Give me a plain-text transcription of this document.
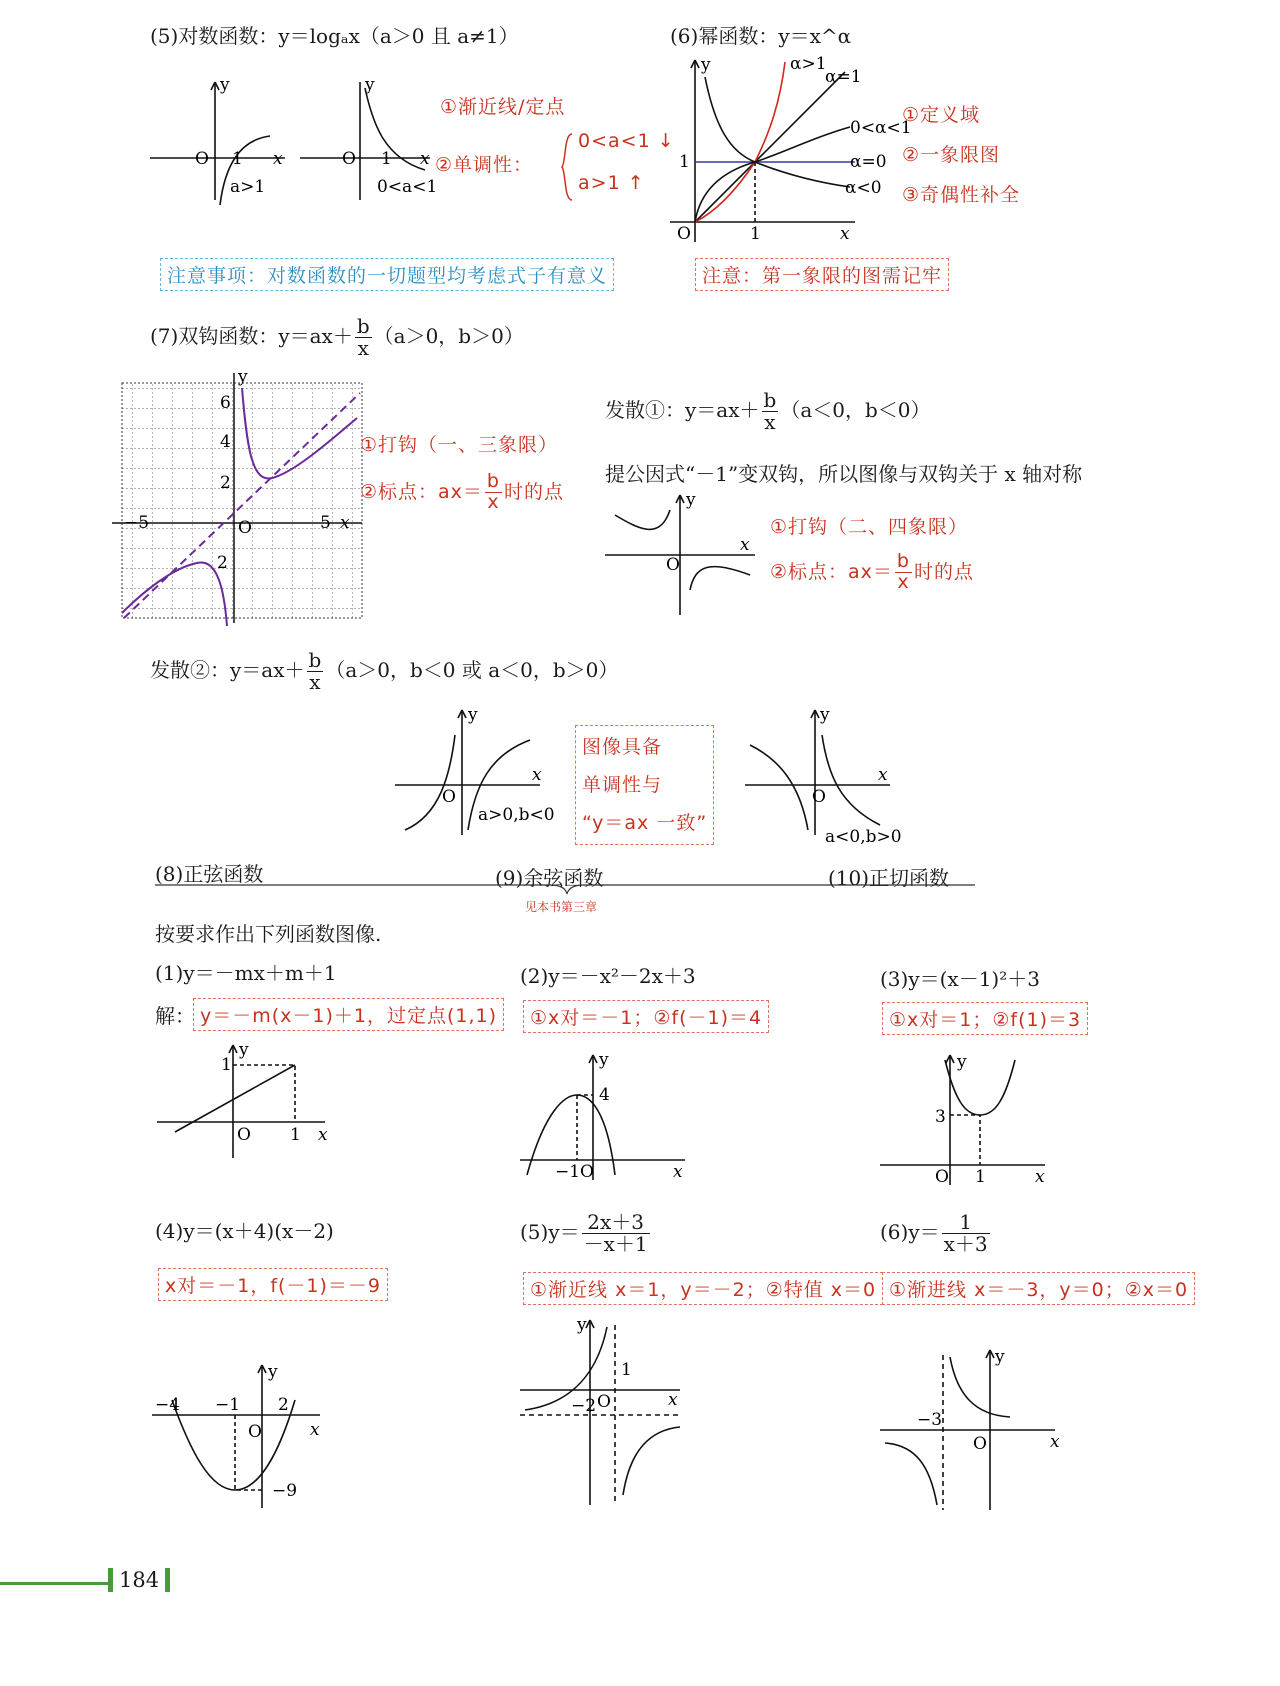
(5)对数函数：y＝logₐx（a＞0 且 a≠1）
y
O 1 x
a>1
y
O 1 x
0<a<1
①渐近线/定点
②单调性：
0<a<1 ↓
a>1 ↑
注意事项：对数函数的一切题型均考虑式子有意义
(6)幂函数：y＝x^α
y
1
O	1	x
α>1
α=1
0<α<1
α=0
α<0
①定义域
②一象限图
③奇偶性补全
注意：第一象限的图需记牢
(7)双钩函数：$y=ax+ \frac{b}{x} (a>0$，b＞0）
y
6
4
2
−5	O	5 x
2
①打钩（一、三象限）
②标点：$ax= \frac{b}{x}$ 时的点
发散①：$y=ax+ \frac{b}{x} (a<0$，b＜0）
提公因式“－1”变双钩，所以图像与双钩关于 x 轴对称
y
O
x
①打钩（二、四象限）
②标点：$ax= \frac{b}{x}$ 时的点
发散②：$y=ax+ \frac{b}{x} (a>0$，b＜0 或 a＜0，b＞0）
y
O
x
a>0,b<0
图像具备
单调性与
“y＝ax 一致”
y
O
x
a<0,b>0
(8)正弦函数	(9)余弦函数	(10)正切函数
见本书第三章
按要求作出下列函数图像.
(1)y＝－mx＋m＋1
解： y＝－m(x－1)＋1，过定点(1,1)
(2)y＝－x²－2x＋3
①x对＝－1；②f(－1)＝4
(3)y＝(x－1)²＋3
①x对＝1；②f(1)＝3
y
1
O 1 x
y
4
−1 O	x
y
3
O 1	x
(4)y＝(x＋4)(x－2)
x对＝－1，f(－1)＝－9
$(5)y= \frac{2x+3}{-x+1}$
①渐近线 x＝1，y＝－2；②特值 x＝0
$(6)y= \frac{1}{x+3}$
①渐进线 x＝－3，y＝0；②x＝0
y
−4 −1 2
O	x
−9
y
1
O
−2	x
y
−3
O	x
184
